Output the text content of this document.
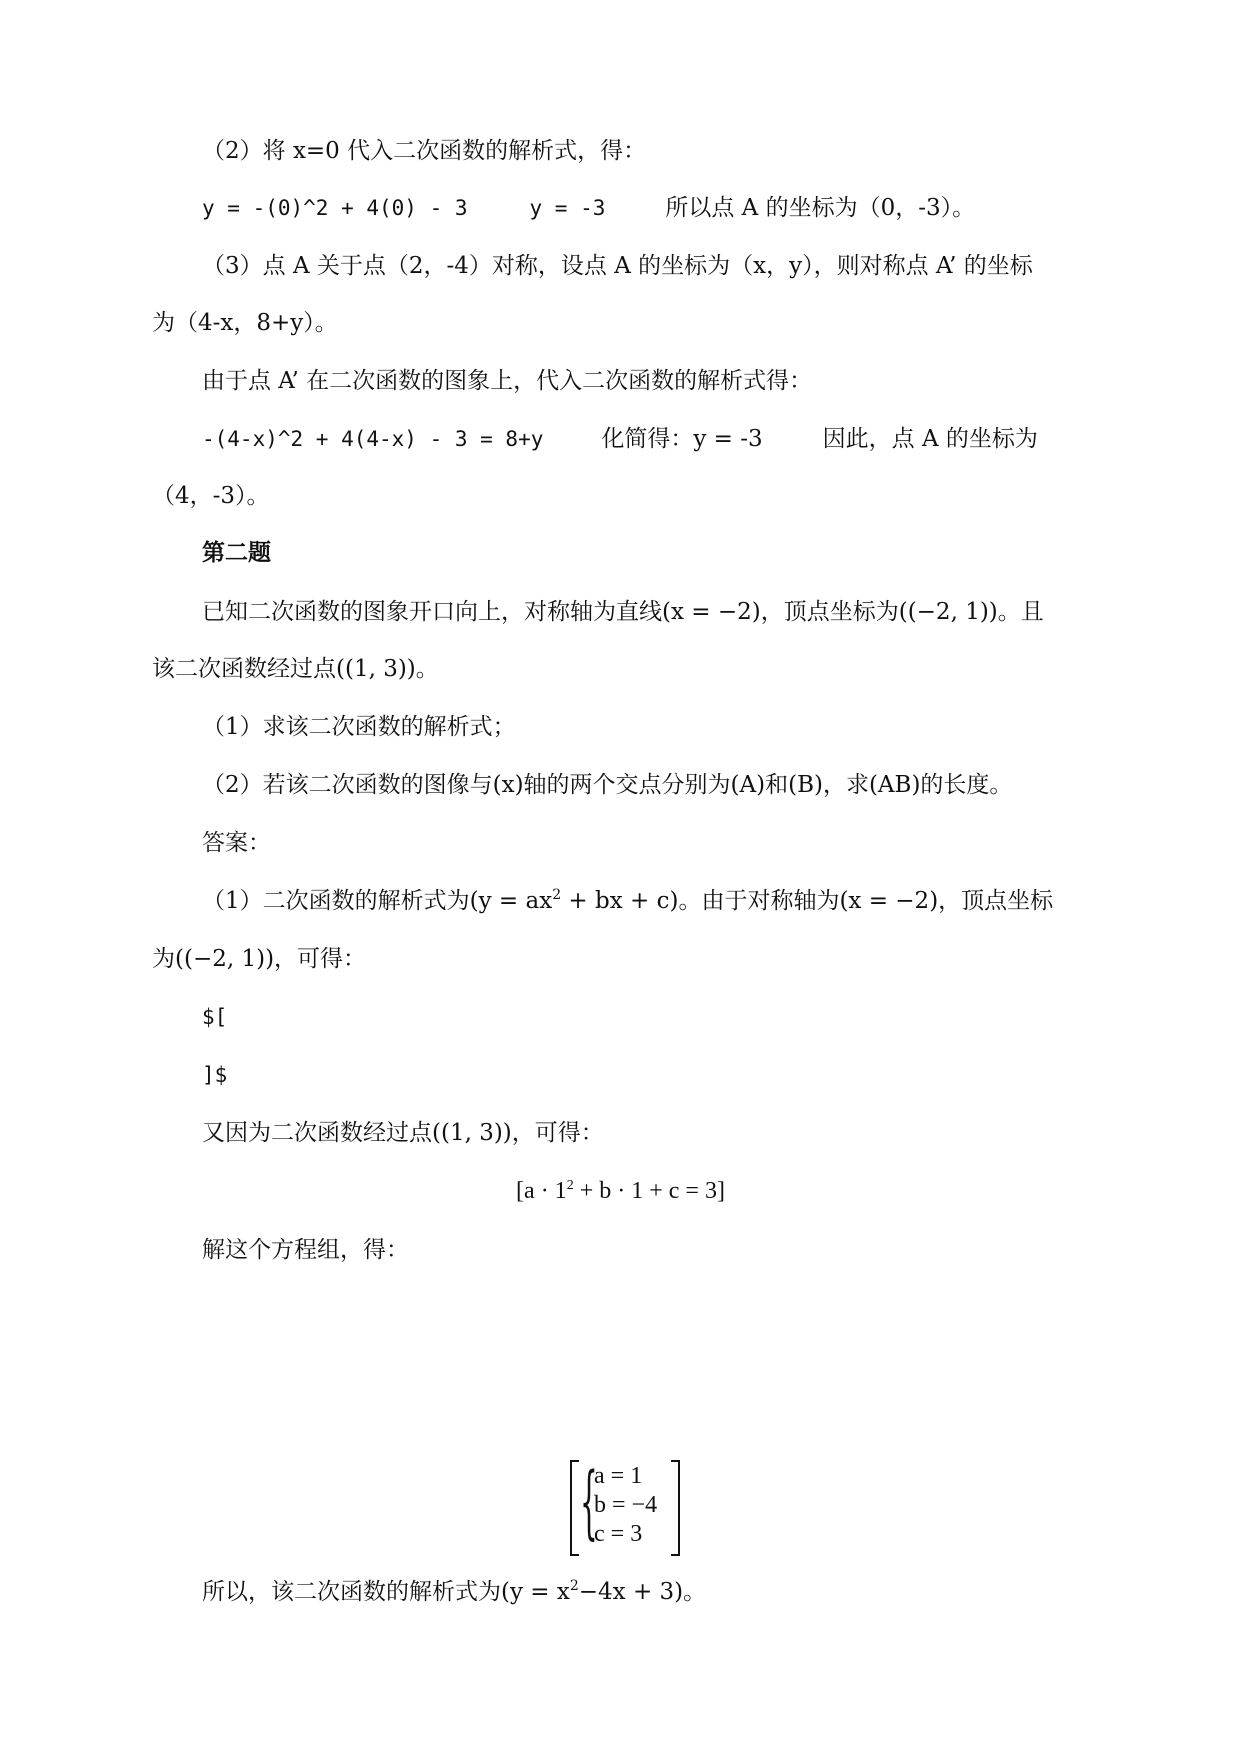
（2）将 x=0 代入二次函数的解析式，得：
y = -(0)^2 + 4(0) - 3	y = -3	所以点 A 的坐标为（0，-3）。
（3）点 A 关于点（2，-4）对称，设点 A 的坐标为（x，y），则对称点 A’ 的坐标
为（4-x，8+y）。
由于点 A’ 在二次函数的图象上，代入二次函数的解析式得：
-(4-x)^2 + 4(4-x) - 3 = 8+y	化简得：y = -3	因此，点 A 的坐标为
（4，-3）。
第二题
已知二次函数的图象开口向上，对称轴为直线(x = −2)，顶点坐标为((−2, 1))。且
该二次函数经过点((1, 3))。
（1）求该二次函数的解析式；
（2）若该二次函数的图像与(x)轴的两个交点分别为(A)和(B)，求(AB)的长度。
答案：
（1）二次函数的解析式为($y = ax^2$ + bx + c)。由于对称轴为(x = −2)，顶点坐标
为((−2, 1))，可得：
$[
]$
又因为二次函数经过点((1, 3))，可得：
$[a \cdot 1^2 + b \cdot 1 + c = 3]$
解这个方程组，得：
{
a = 1
b = −4
c = 3
所以，该二次函数的解析式为$(y = x^2-4x + 3)$。
